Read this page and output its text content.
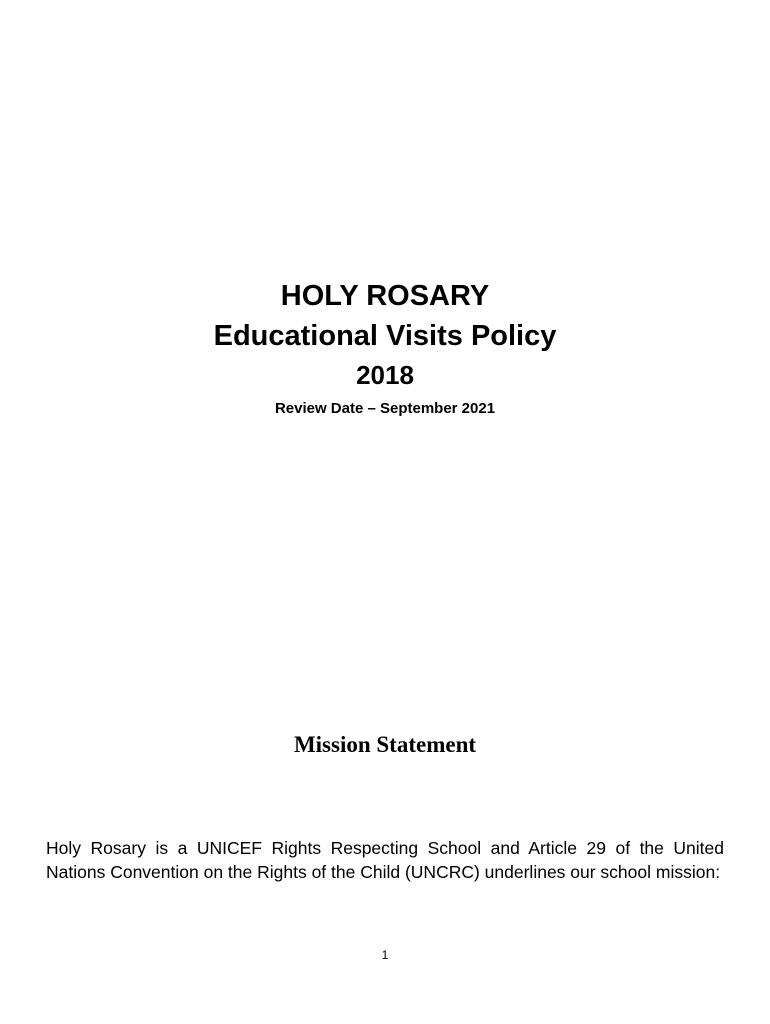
HOLY ROSARY
Educational Visits Policy
2018
Review Date – September 2021
Mission Statement

Holy Rosary is a UNICEF Rights Respecting School and Article 29 of the United Nations Convention on the Rights of the Child (UNCRC) underlines our school mission:

1
